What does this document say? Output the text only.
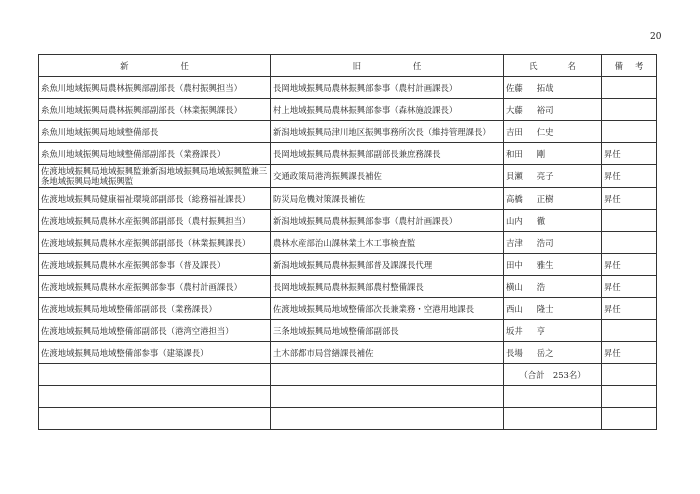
20
新 任	旧 任	氏 名	備 考

糸魚川地域振興局農林振興部副部長（農村振興担当）	長岡地域振興局農林振興部参事（農村計画課長）	佐藤 拓哉	
糸魚川地域振興局農林振興部副部長（林業振興課長）	村上地域振興局農林振興部参事（森林施設課長）	大藤 裕司	
糸魚川地域振興局地域整備部長	新潟地域振興局津川地区振興事務所次長（維持管理課長）	吉田 仁史	
糸魚川地域振興局地域整備部副部長（業務課長）	長岡地域振興局農林振興部副部長兼庶務課長	和田 剛	昇任
佐渡地域振興局地域振興監兼新潟地域振興局地域振興監兼三条地域振興局地域振興監	交通政策局港湾振興課長補佐	貝瀬 亮子	昇任
佐渡地域振興局健康福祉環境部副部長（総務福祉課長）	防災局危機対策課長補佐	高橋 正樹	昇任
佐渡地域振興局農林水産振興部副部長（農村振興担当）	新潟地域振興局農林振興部参事（農村計画課長）	山内 徹	
佐渡地域振興局農林水産振興部副部長（林業振興課長）	農林水産部治山課林業土木工事検査監	吉津 浩司	
佐渡地域振興局農林水産振興部参事（普及課長）	新潟地域振興局農林振興部普及課課長代理	田中 雅生	昇任
佐渡地域振興局農林水産振興部参事（農村計画課長）	長岡地域振興局農林振興部農村整備課長	横山 浩	昇任
佐渡地域振興局地域整備部副部長（業務課長）	佐渡地域振興局地域整備部次長兼業務・空港用地課長	西山 隆士	昇任
佐渡地域振興局地域整備部副部長（港湾空港担当）	三条地域振興局地域整備部副部長	坂井 亨	
佐渡地域振興局地域整備部参事（建築課長）	土木部都市局営繕課長補佐	長場 岳之	昇任
		（合計　253名）	
